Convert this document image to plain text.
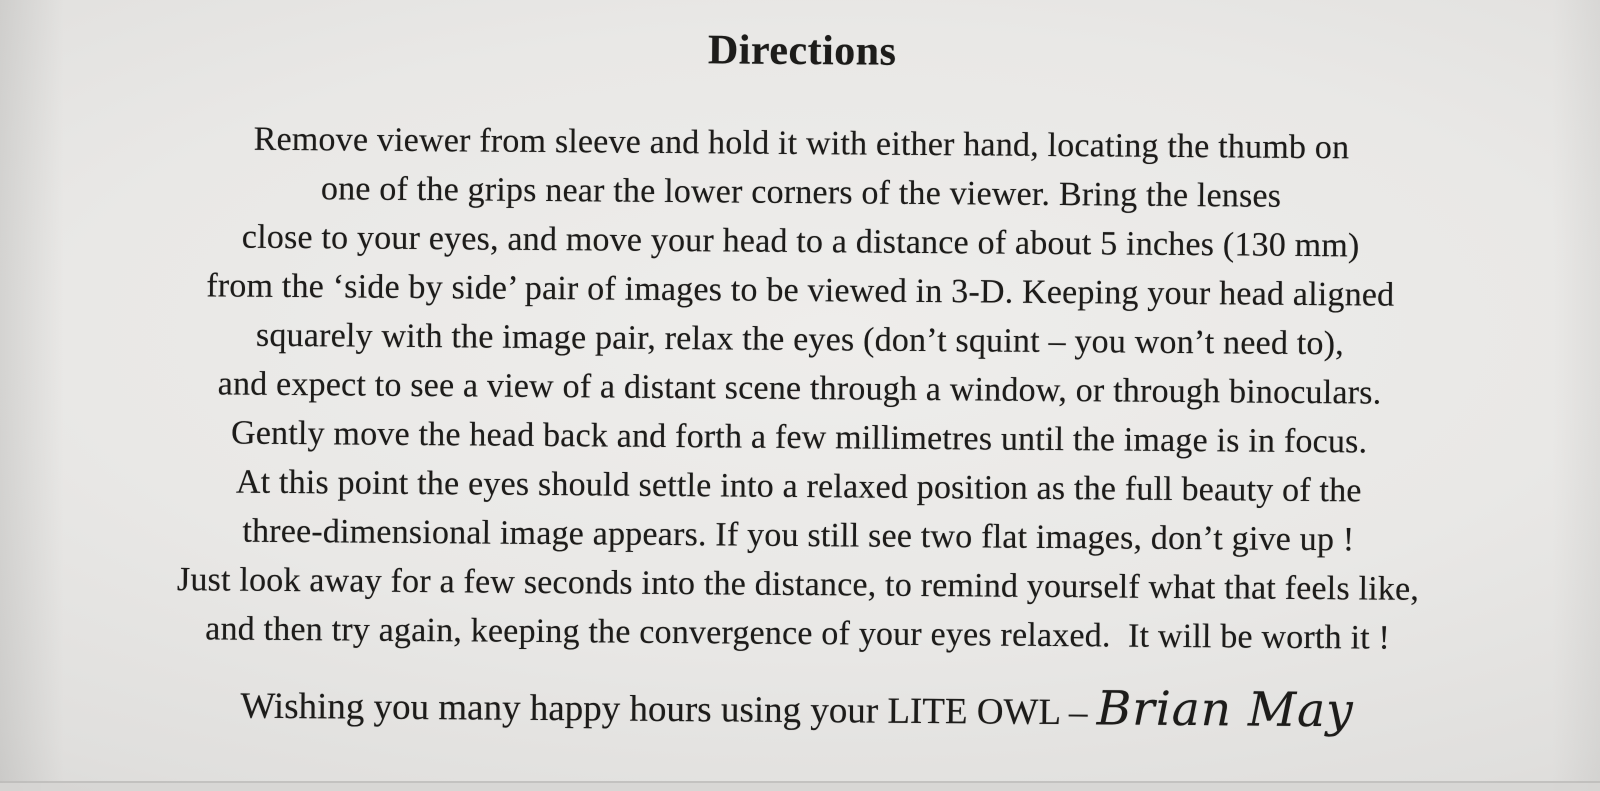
Directions
Remove viewer from sleeve and hold it with either hand, locating the thumb on
one of the grips near the lower corners of the viewer. Bring the lenses
close to your eyes, and move your head to a distance of about 5 inches (130 mm)
from the ‘side by side’ pair of images to be viewed in 3-D. Keeping your head aligned
squarely with the image pair, relax the eyes (don’t squint – you won’t need to),
and expect to see a view of a distant scene through a window, or through binoculars.
Gently move the head back and forth a few millimetres until the image is in focus.
At this point the eyes should settle into a relaxed position as the full beauty of the
three-dimensional image appears. If you still see two flat images, don’t give up !
Just look away for a few seconds into the distance, to remind yourself what that feels like,
and then try again, keeping the convergence of your eyes relaxed.  It will be worth it !
Wishing you many happy hours using your LITE OWL – Brian May
